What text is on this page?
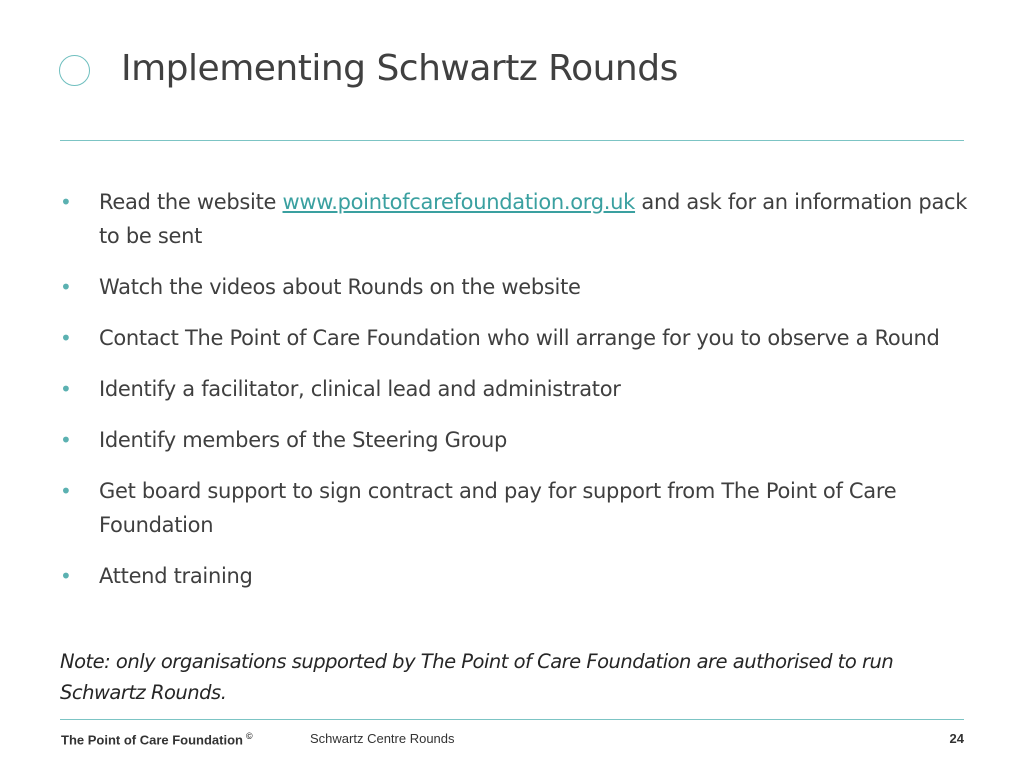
Implementing Schwartz Rounds
• Read the website www.pointofcarefoundation.org.uk and ask for an information pack to be sent
• Watch the videos about Rounds on the website
• Contact The Point of Care Foundation who will arrange for you to observe a Round
• Identify a facilitator, clinical lead and administrator
• Identify members of the Steering Group
• Get board support to sign contract and pay for support from The Point of Care Foundation
• Attend training

Note: only organisations supported by The Point of Care Foundation are authorised to run Schwartz Rounds.

The Point of Care Foundation ©	Schwartz Centre Rounds	24
